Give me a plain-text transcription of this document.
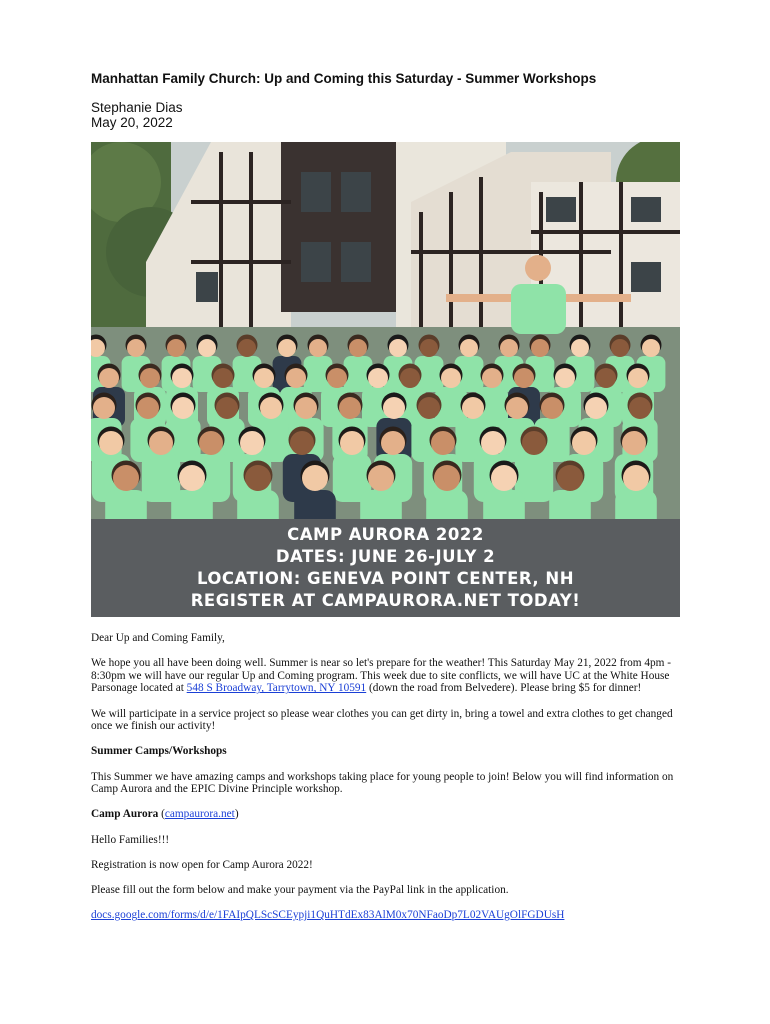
Manhattan Family Church: Up and Coming this Saturday - Summer Workshops
Stephanie Dias
May 20, 2022
CAMP AURORA 2022
DATES: JUNE 26-JULY 2
LOCATION: GENEVA POINT CENTER, NH
REGISTER AT CAMPAURORA.NET TODAY!

Dear Up and Coming Family,

We hope you all have been doing well. Summer is near so let's prepare for the weather! This Saturday May 21, 2022 from 4pm - 8:30pm we will have our regular Up and Coming program. This week due to site conflicts, we will have UC at the White House Parsonage located at 548 S Broadway, Tarrytown, NY 10591 (down the road from Belvedere). Please bring $5 for dinner!

We will participate in a service project so please wear clothes you can get dirty in, bring a towel and extra clothes to get changed once we finish our activity!

Summer Camps/Workshops

This Summer we have amazing camps and workshops taking place for young people to join! Below you will find information on Camp Aurora and the EPIC Divine Principle workshop.

Camp Aurora (campaurora.net)

Hello Families!!!

Registration is now open for Camp Aurora 2022!

Please fill out the form below and make your payment via the PayPal link in the application.

docs.google.com/forms/d/e/1FAIpQLScSCEypji1QuHTdEx83AlM0x70NFaoDp7L02VAUgOlFGDUsH
